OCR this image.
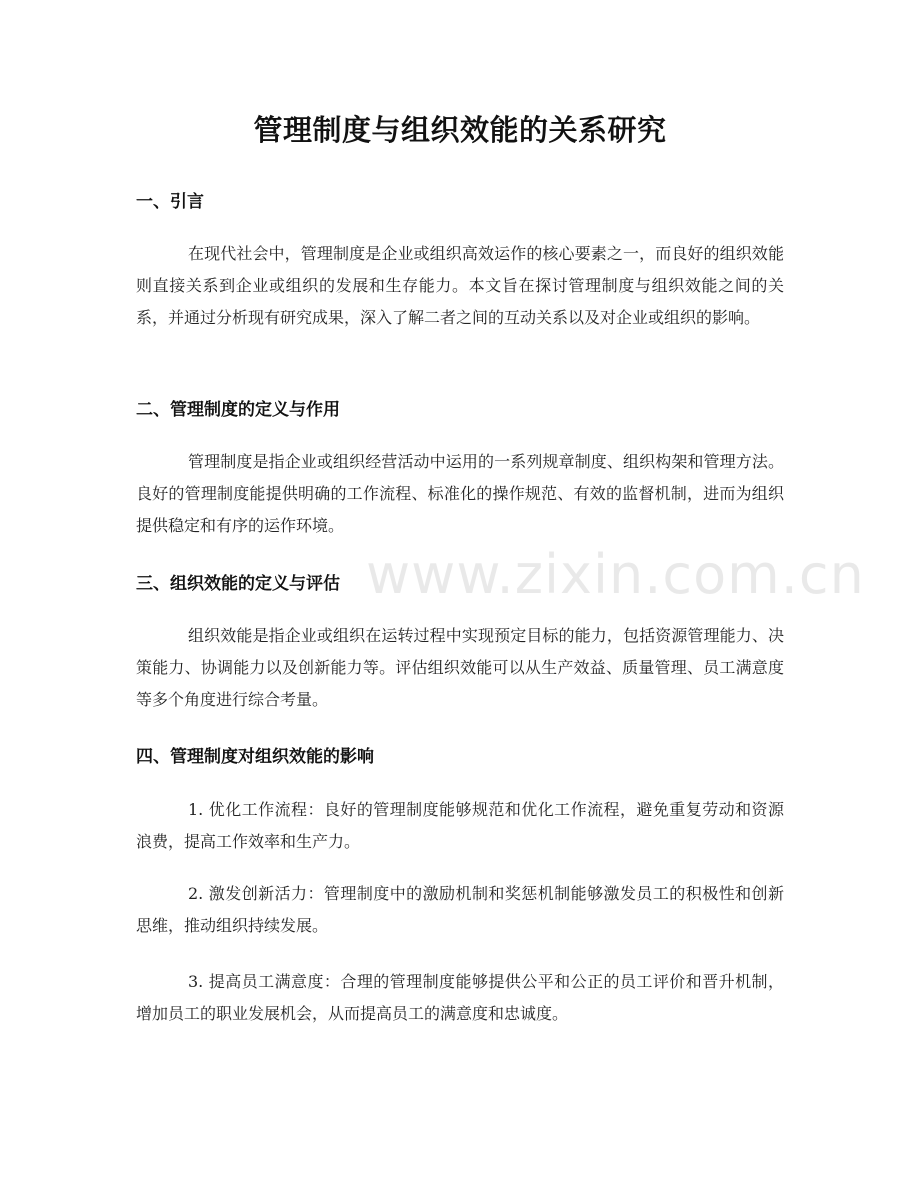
管理制度与组织效能的关系研究
一、引言
在现代社会中，管理制度是企业或组织高效运作的核心要素之一，而良好的组织效能则直接关系到企业或组织的发展和生存能力。本文旨在探讨管理制度与组织效能之间的关系，并通过分析现有研究成果，深入了解二者之间的互动关系以及对企业或组织的影响。
二、管理制度的定义与作用
管理制度是指企业或组织经营活动中运用的一系列规章制度、组织构架和管理方法。良好的管理制度能提供明确的工作流程、标准化的操作规范、有效的监督机制，进而为组织提供稳定和有序的运作环境。
三、组织效能的定义与评估
组织效能是指企业或组织在运转过程中实现预定目标的能力，包括资源管理能力、决策能力、协调能力以及创新能力等。评估组织效能可以从生产效益、质量管理、员工满意度等多个角度进行综合考量。
四、管理制度对组织效能的影响
1. 优化工作流程：良好的管理制度能够规范和优化工作流程，避免重复劳动和资源浪费，提高工作效率和生产力。
2. 激发创新活力：管理制度中的激励机制和奖惩机制能够激发员工的积极性和创新思维，推动组织持续发展。
3. 提高员工满意度：合理的管理制度能够提供公平和公正的员工评价和晋升机制，增加员工的职业发展机会，从而提高员工的满意度和忠诚度。
www.zixin.com.cn
